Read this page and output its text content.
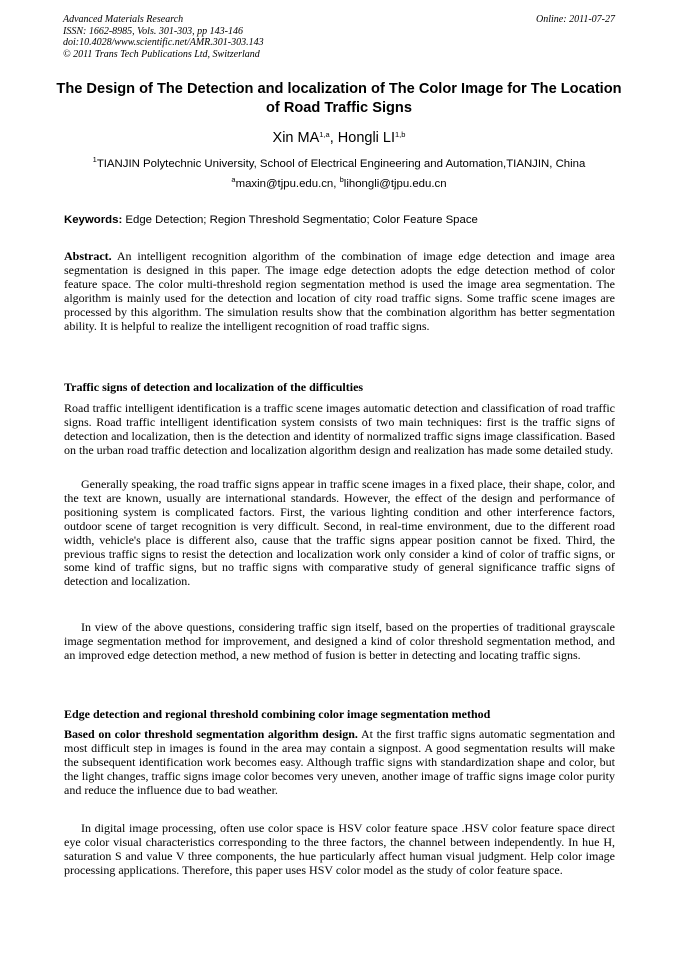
Advanced Materials Research
ISSN: 1662-8985, Vols. 301-303, pp 143-146
doi:10.4028/www.scientific.net/AMR.301-303.143
© 2011 Trans Tech Publications Ltd, Switzerland
Online: 2011-07-27
The Design of The Detection and localization of The Color Image for The Location of Road Traffic Signs
Xin MA$^{1,a}$, Hongli LI$^{1,b}$
$^1$TIANJIN Polytechnic University, School of Electrical Engineering and Automation,TIANJIN, China
$^a$maxin@tjpu.edu.cn, $^b$lihongli@tjpu.edu.cn
Keywords: Edge Detection; Region Threshold Segmentatio; Color Feature Space

Abstract. An intelligent recognition algorithm of the combination of image edge detection and image area segmentation is designed in this paper. The image edge detection adopts the edge detection method of color feature space. The color multi-threshold region segmentation method is used the image area segmentation. The algorithm is mainly used for the detection and location of city road traffic signs. Some traffic scene images are processed by this algorithm. The simulation results show that the combination algorithm has better segmentation ability. It is helpful to realize the intelligent recognition of road traffic signs.

Traffic signs of detection and localization of the difficulties

Road traffic intelligent identification is a traffic scene images automatic detection and classification of road traffic signs. Road traffic intelligent identification system consists of two main techniques: first is the traffic signs of detection and localization, then is the detection and identity of normalized traffic signs image classification. Based on the urban road traffic detection and localization algorithm design and realization has made some detailed study.

Generally speaking, the road traffic signs appear in traffic scene images in a fixed place, their shape, color, and the text are known, usually are international standards. However, the effect of the design and performance of positioning system is complicated factors. First, the various lighting condition and other interference factors, outdoor scene of target recognition is very difficult. Second, in real-time environment, due to the different road width, vehicle's place is different also, cause that the traffic signs appear position cannot be fixed. Third, the previous traffic signs to resist the detection and localization work only consider a kind of color of traffic signs, or some kind of traffic signs, but no traffic signs with comparative study of general significance traffic signs of detection and localization.

In view of the above questions, considering traffic sign itself, based on the properties of traditional grayscale image segmentation method for improvement, and designed a kind of color threshold segmentation method, and an improved edge detection method, a new method of fusion is better in detecting and locating traffic signs.

Edge detection and regional threshold combining color image segmentation method

Based on color threshold segmentation algorithm design. At the first traffic signs automatic segmentation and most difficult step in images is found in the area may contain a signpost. A good segmentation results will make the subsequent identification work becomes easy. Although traffic signs with standardization shape and color, but the light changes, traffic signs image color becomes very uneven, another image of traffic signs image color purity and reduce the influence due to bad weather.

In digital image processing, often use color space is HSV color feature space .HSV color feature space direct eye color visual characteristics corresponding to the three factors, the channel between independently. In hue H, saturation S and value V three components, the hue particularly affect human visual judgment. Help color image processing applications. Therefore, this paper uses HSV color model as the study of color feature space.
